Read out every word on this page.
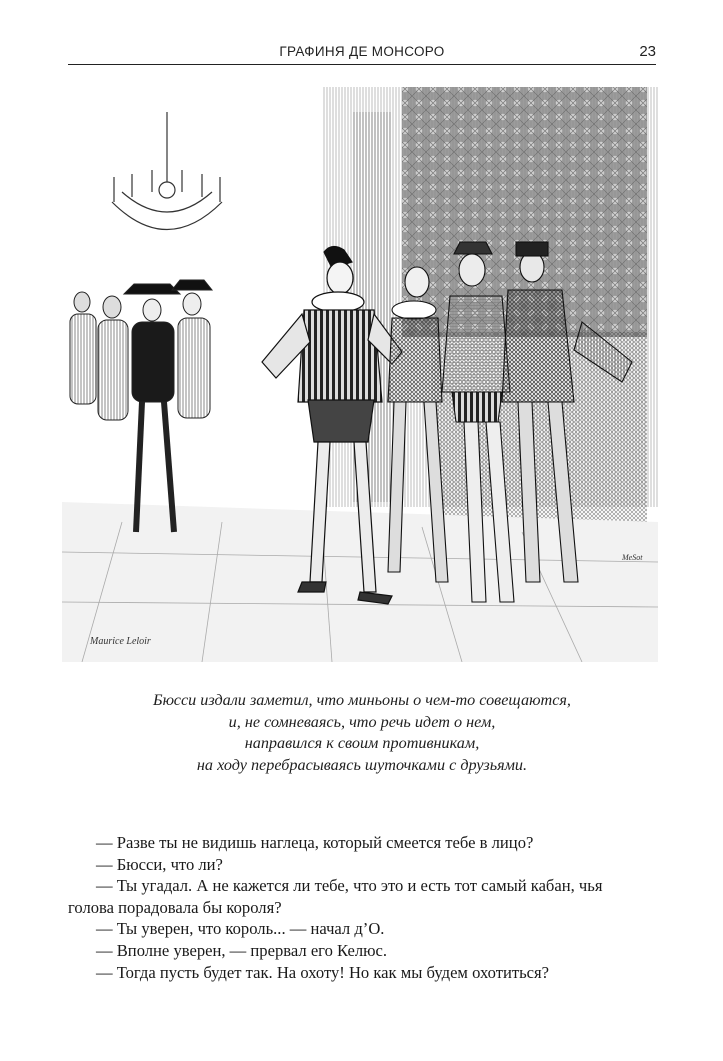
ГРАФИНЯ ДЕ МОНСОРО	23
Maurice Leloir
MeSot
Бюсси издали заметил, что миньоны о чем-то совещаются,
и, не сомневаясь, что речь идет о нем,
направился к своим противникам,
на ходу перебрасываясь шуточками с друзьями.
— Разве ты не видишь наглеца, который смеется тебе в лицо?
— Бюсси, что ли?
— Ты угадал. А не кажется ли тебе, что это и есть тот самый кабан, чья
голова порадовала бы короля?
— Ты уверен, что король... — начал д’О.
— Вполне уверен, — прервал его Келюс.
— Тогда пусть будет так. На охоту! Но как мы будем охотиться?
